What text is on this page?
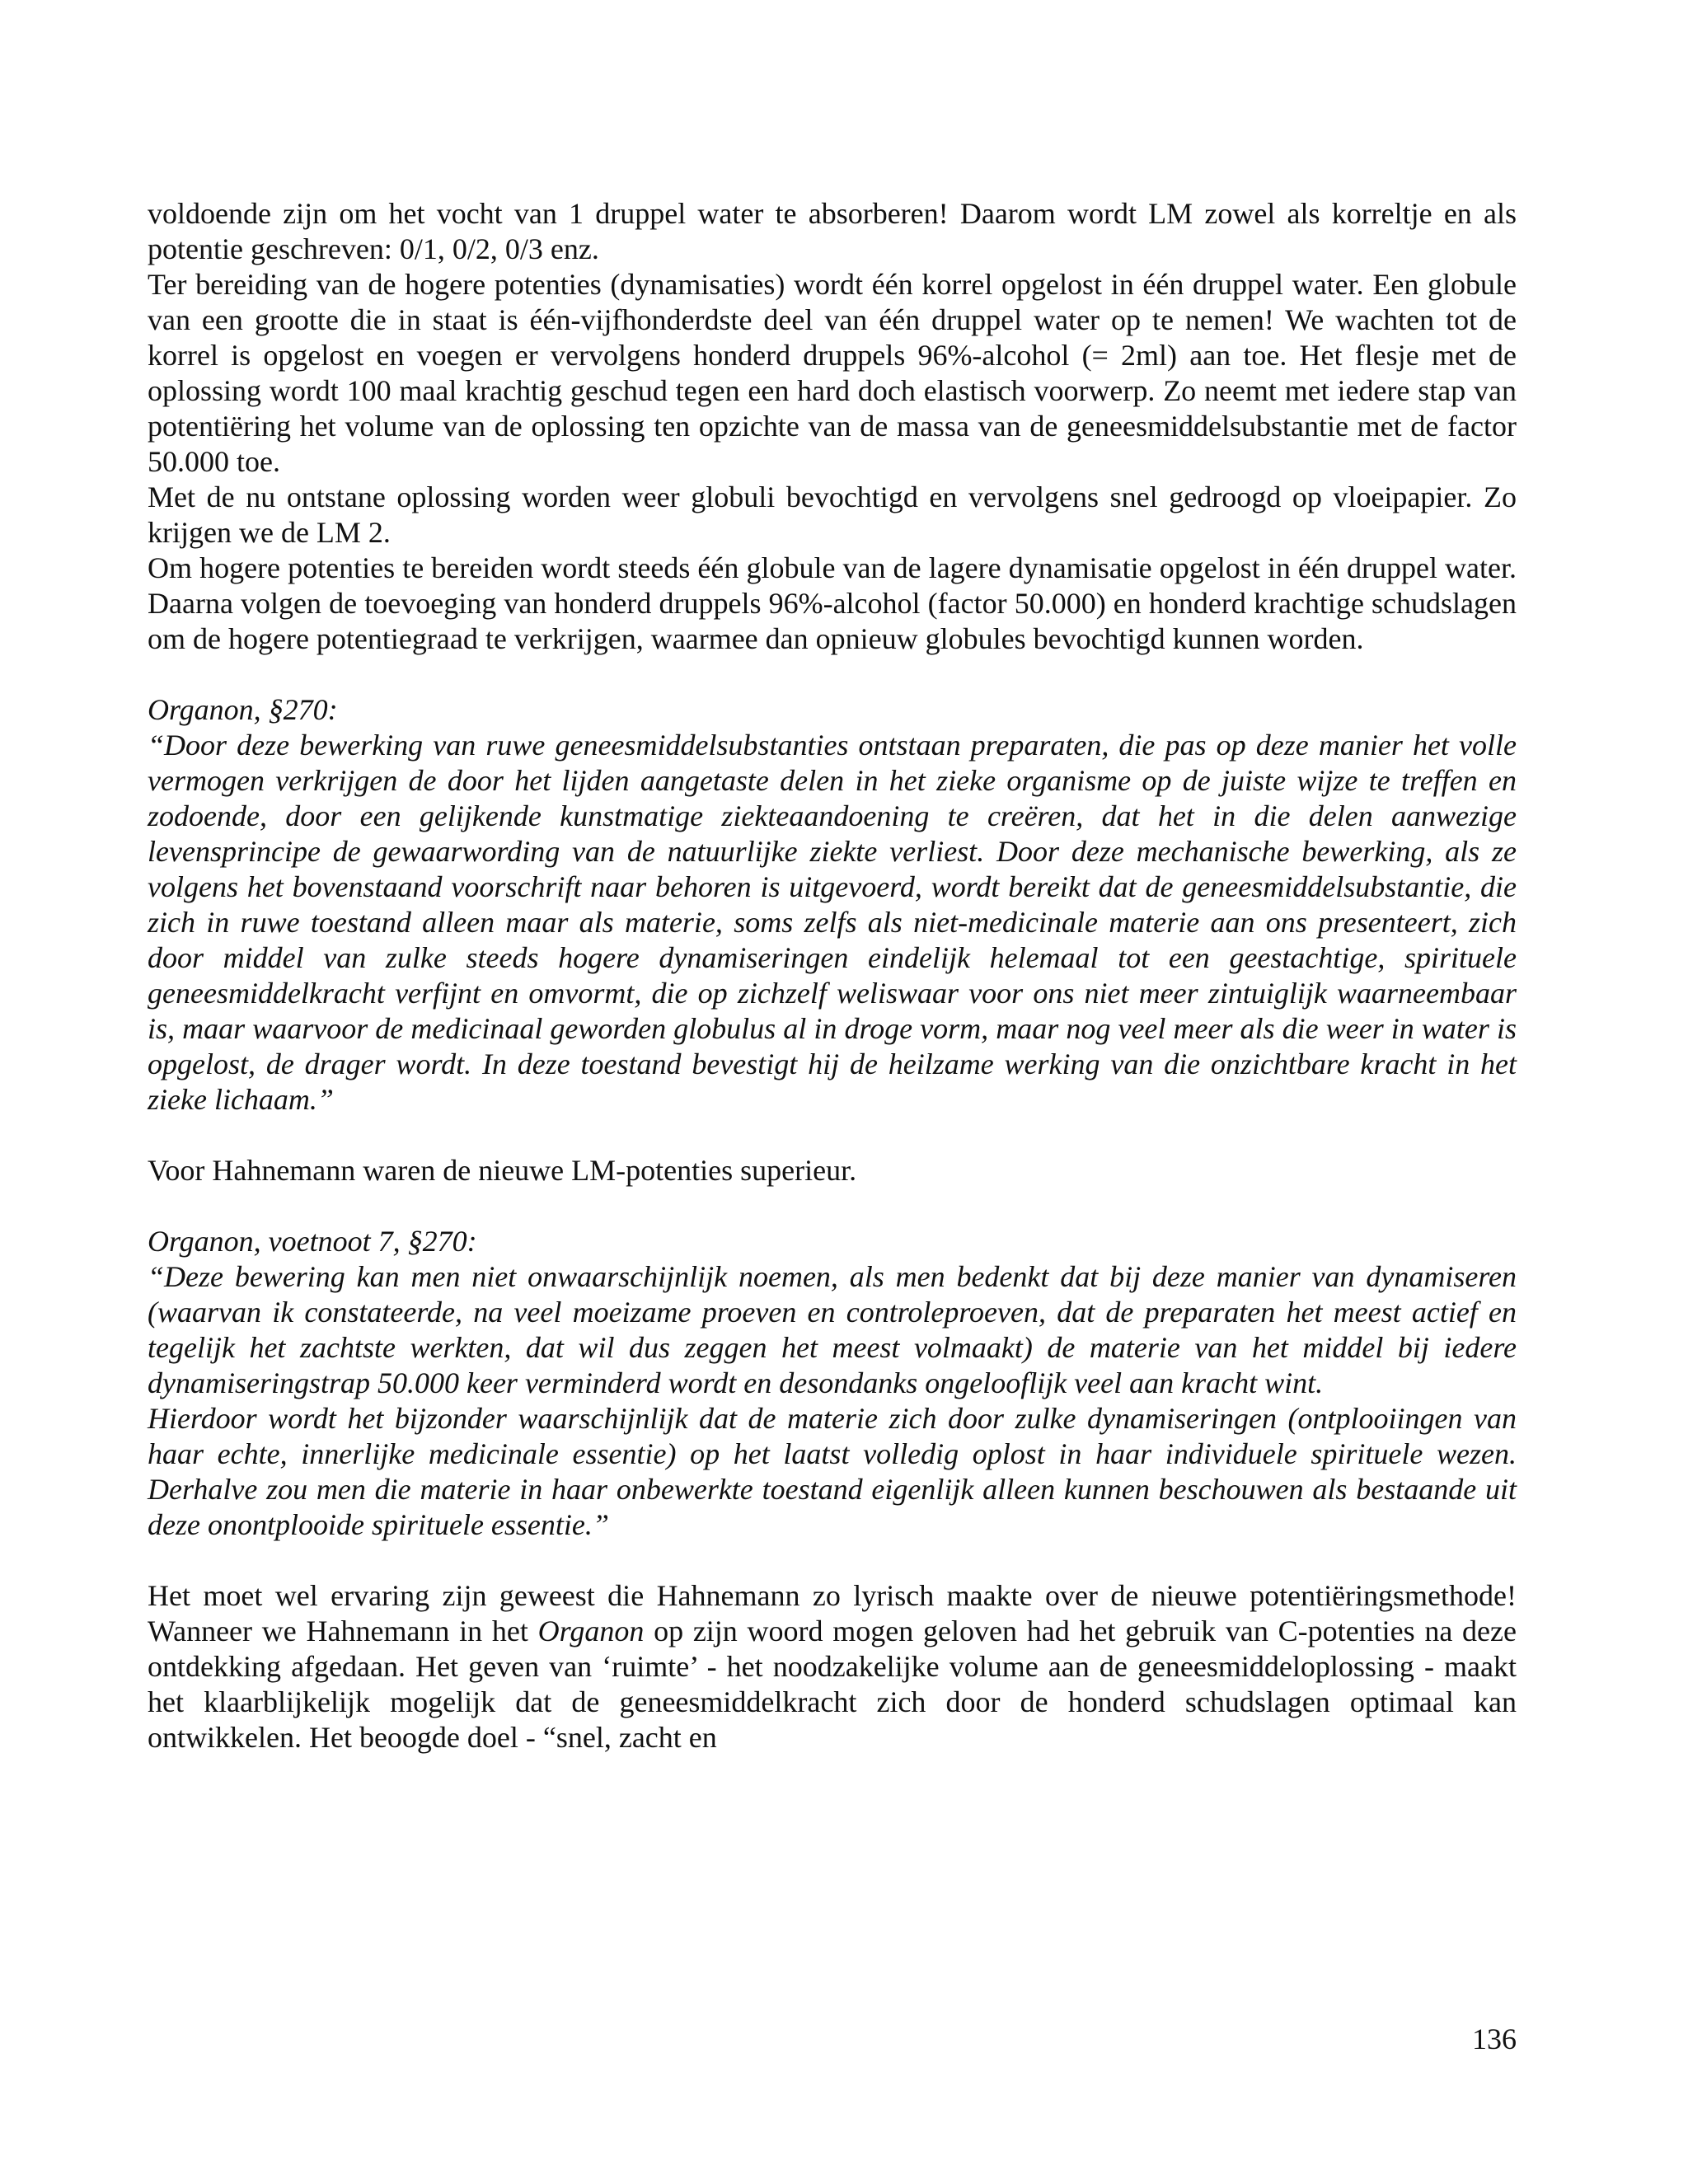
voldoende zijn om het vocht van 1 druppel water te absorberen! Daarom wordt LM zowel als korreltje en als potentie geschreven: 0/1, 0/2, 0/3 enz.

Ter bereiding van de hogere potenties (dynamisaties) wordt één korrel opgelost in één druppel water. Een globule van een grootte die in staat is één-vijfhonderdste deel van één druppel water op te nemen! We wachten tot de korrel is opgelost en voegen er vervolgens honderd druppels 96%-alcohol (= 2ml) aan toe. Het flesje met de oplossing wordt 100 maal krachtig geschud tegen een hard doch elastisch voorwerp. Zo neemt met iedere stap van potentiëring het volume van de oplossing ten opzichte van de massa van de geneesmiddelsubstantie met de factor 50.000 toe.

Met de nu ontstane oplossing worden weer globuli bevochtigd en vervolgens snel gedroogd op vloeipapier. Zo krijgen we de LM 2.

Om hogere potenties te bereiden wordt steeds één globule van de lagere dynamisatie opgelost in één druppel water. Daarna volgen de toevoeging van honderd druppels 96%-alcohol (factor 50.000) en honderd krachtige schudslagen om de hogere potentiegraad te verkrijgen, waarmee dan opnieuw globules bevochtigd kunnen worden.

Organon, §270:

“Door deze bewerking van ruwe geneesmiddelsubstanties ontstaan preparaten, die pas op deze manier het volle vermogen verkrijgen de door het lijden aangetaste delen in het zieke organisme op de juiste wijze te treffen en zodoende, door een gelijkende kunstmatige ziekteaandoening te creëren, dat het in die delen aanwezige levensprincipe de gewaarwording van de natuurlijke ziekte verliest. Door deze mechanische bewerking, als ze volgens het bovenstaand voorschrift naar behoren is uitgevoerd, wordt bereikt dat de geneesmiddelsubstantie, die zich in ruwe toestand alleen maar als materie, soms zelfs als niet-medicinale materie aan ons presenteert, zich door middel van zulke steeds hogere dynamiseringen eindelijk helemaal tot een geestachtige, spirituele geneesmiddelkracht verfijnt en omvormt, die op zichzelf weliswaar voor ons niet meer zintuiglijk waarneembaar is, maar waarvoor de medicinaal geworden globulus al in droge vorm, maar nog veel meer als die weer in water is opgelost, de drager wordt. In deze toestand bevestigt hij de heilzame werking van die onzichtbare kracht in het zieke lichaam.”

Voor Hahnemann waren de nieuwe LM-potenties superieur.

Organon, voetnoot 7, §270:

“Deze bewering kan men niet onwaarschijnlijk noemen, als men bedenkt dat bij deze manier van dynamiseren (waarvan ik constateerde, na veel moeizame proeven en controleproeven, dat de preparaten het meest actief en tegelijk het zachtste werkten, dat wil dus zeggen het meest volmaakt) de materie van het middel bij iedere dynamiseringstrap 50.000 keer verminderd wordt en desondanks ongelooflijk veel aan kracht wint.

Hierdoor wordt het bijzonder waarschijnlijk dat de materie zich door zulke dynamiseringen (ontplooiingen van haar echte, innerlijke medicinale essentie) op het laatst volledig oplost in haar individuele spirituele wezen. Derhalve zou men die materie in haar onbewerkte toestand eigenlijk alleen kunnen beschouwen als bestaande uit deze onontplooide spirituele essentie.”

Het moet wel ervaring zijn geweest die Hahnemann zo lyrisch maakte over de nieuwe potentiëringsmethode! Wanneer we Hahnemann in het Organon op zijn woord mogen geloven had het gebruik van C-potenties na deze ontdekking afgedaan. Het geven van ‘ruimte’ - het noodzakelijke volume aan de geneesmiddeloplossing - maakt het klaarblijkelijk mogelijk dat de geneesmiddelkracht zich door de honderd schudslagen optimaal kan ontwikkelen. Het beoogde doel - “snel, zacht en

136
